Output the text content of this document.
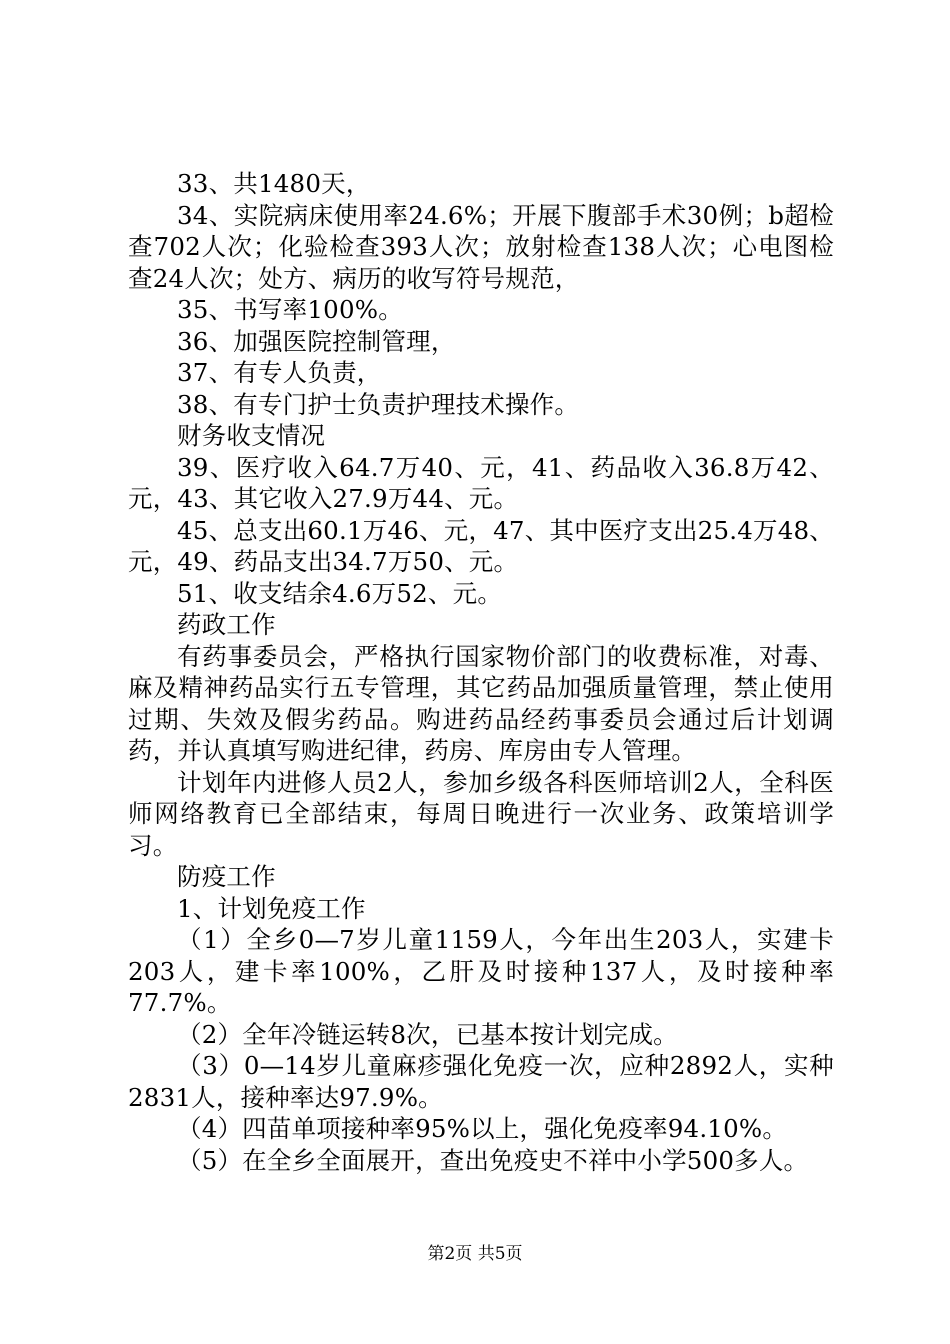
33、共1480天，

34、实院病床使用率24.6%；开展下腹部手术30例；b超检查702人次；化验检查393人次；放射检查138人次；心电图检查24人次；处方、病历的收写符号规范，

35、书写率100%。

36、加强医院控制管理，

37、有专人负责，

38、有专门护士负责护理技术操作。

财务收支情况

39、医疗收入64.7万40、元，41、药品收入36.8万42、元，43、其它收入27.9万44、元。

45、总支出60.1万46、元，47、其中医疗支出25.4万48、元，49、药品支出34.7万50、元。

51、收支结余4.6万52、元。

药政工作

有药事委员会，严格执行国家物价部门的收费标准，对毒、麻及精神药品实行五专管理，其它药品加强质量管理，禁止使用过期、失效及假劣药品。购进药品经药事委员会通过后计划调药，并认真填写购进纪律，药房、库房由专人管理。

计划年内进修人员2人，参加乡级各科医师培训2人，全科医师网络教育已全部结束，每周日晚进行一次业务、政策培训学习。

防疫工作

1、计划免疫工作

（1）全乡0—7岁儿童1159人，今年出生203人，实建卡203人，建卡率100%，乙肝及时接种137人，及时接种率77.7%。

（2）全年冷链运转8次，已基本按计划完成。

（3）0—14岁儿童麻疹强化免疫一次，应种2892人，实种2831人，接种率达97.9%。

（4）四苗单项接种率95%以上，强化免疫率94.10%。

（5）在全乡全面展开，查出免疫史不祥中小学500多人。

第2页 共5页
